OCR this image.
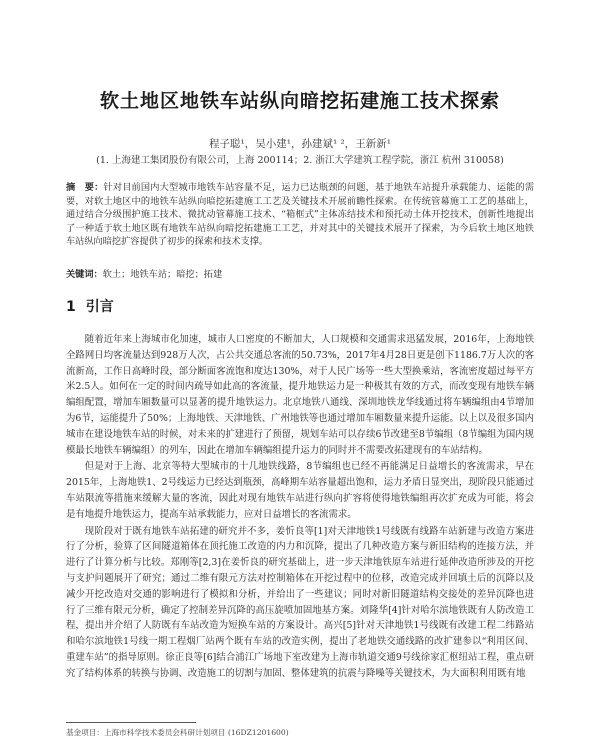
软土地区地铁车站纵向暗挖拓建施工技术探索
程子聪¹，吴小建¹，孙建斌¹ ²，王新新¹
(1. 上海建工集团股份有限公司，上海 200114；2. 浙江大学建筑工程学院，浙江 杭州 310058)
摘　要：针对目前国内大型城市地铁车站容量不足，运力已达瓶颈的问题，基于地铁车站提升承载能力、运能的需要，对软土地区中的地铁车站纵向暗挖拓建施工工艺及关键技术开展前瞻性探索。在传统管幕施工工艺的基础上，通过结合分级围护施工技术、微扰动管幕施工技术、“箱框式”主体冻结技术和预托动土体开挖技术，创新性地提出了一种适于软土地区既有地铁车站纵向暗挖拓建施工工艺，并对其中的关键技术展开了探索，为今后软土地区地铁车站纵向暗挖扩容提供了初步的探索和技术支撑。
关键词：软土；地铁车站；暗挖；拓建
1 引言

随着近年来上海城市化加速，城市人口密度的不断加大，人口规模和交通需求迅猛发展，2016年，上海地铁全路网日均客流量达到928万人次，占公共交通总客流的50.73%，2017年4月28日更是创下1186.7万人次的客流新高，工作日高峰时段，部分断面客流饱和度达130%，对于人民广场等一些大型换乘站，客流密度超过每平方米2.5人。如何在一定的时间内疏导如此高的客流量，提升地铁运力是一种极其有效的方式，而改变现有地铁车辆编组配置，增加车厢数量可以显著的提升地铁运力。北京地铁八通线、深圳地铁龙华线通过将车辆编组由4节增加为6节，运能提升了50%；上海地铁、天津地铁、广州地铁等也通过增加车厢数量来提升运能。以上以及很多国内城市在建设地铁车站的时候，对未来的扩建进行了预留，规划车站可以存续6节改建至8节编组（8节编组为国内规模最长地铁车辆编组）的列车，因此在增加车辆编组提升运力的同时并不需要改拓建现有的车站结构。

但是对于上海、北京等特大型城市的十几地铁线路，8节编组也已经不再能满足日益增长的客流需求，早在2015年，上海地铁1、2号线运力已经达到瓶颈，高峰期车站容量超出饱和，运力矛盾日显突出，现阶段只能通过车站限流等措施来缓解大量的客流，因此对现有地铁车站进行纵向扩容将使得地铁编组再次扩充成为可能，将会是有地提升地铁运力，提高车站承载能力，应对日益增长的客流需求。

现阶段对于既有地铁车站拓建的研究并不多，姜忻良等[1]对天津地铁1号线既有线路车站新建与改造方案进行了分析，验算了区间隧道箱体在顶托施工改造的内力和沉降，提出了几种改造方案与新旧结构的连接方法，并进行了计算分析与比较。郑刚等[2,3]在姜忻良的研究基础上，进一步天津地铁原车站进行延伸改造所涉及的开挖与支护问题展开了研究；通过二维有限元方法对控制箱体在开挖过程中的位移，改造完成并回填土后的沉降以及减少开挖改造对交通的影响进行了模拟和分析，并给出了一些建议；同时对新旧隧道结构交接处的差异沉降也进行了三维有限元分析，确定了控制差异沉降的高压旋喷加固地基方案。刘隆华[4]针对哈尔滨地铁既有人防改造工程，提出并介绍了人防既有车站改造为短换车站的方案设计。高兴[5]针对天津地铁1号线既有改建工程二纬路站和哈尔滨地铁1号线一期工程烟厂站两个既有车站的改造实例，提出了老地铁交通线路的改扩建参以“利用区间、重建车站”的指导原则。徐正良等[6]结合浦江广场地下室改建为上海市轨道交通9号线徐家汇枢纽站工程，重点研究了结构体系的转换与协调、改造施工的切割与加固、整体建筑的抗震与降噪等关键技术，为大面积利用既有地

基金项目：上海市科学技术委员会科研计划项目 (16DZ1201600)
